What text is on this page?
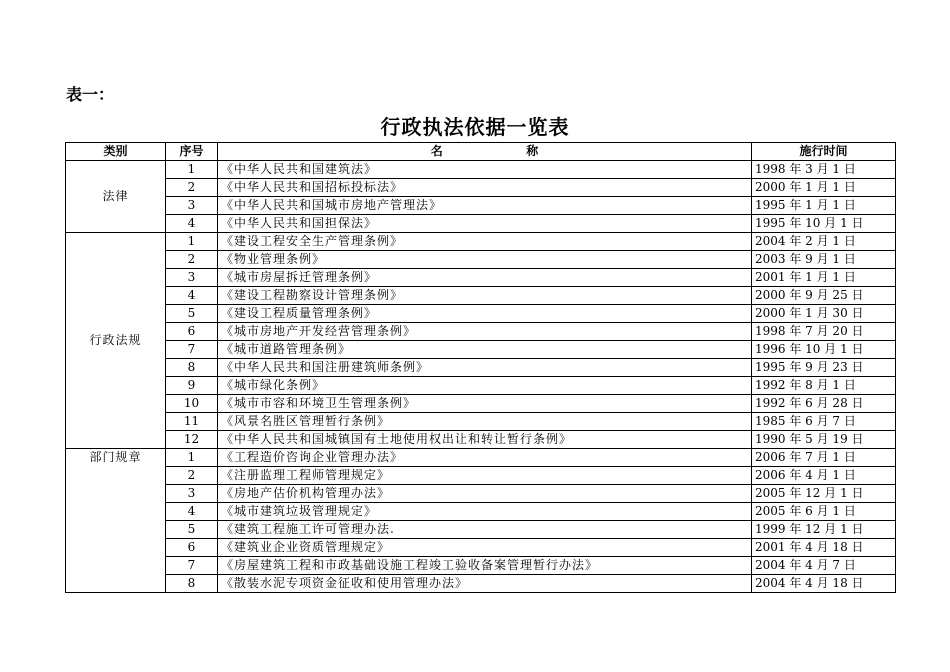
表一：
行政执法依据一览表
类别	序号	名                    称	施行时间
法律	1	《中华人民共和国建筑法》	1998 年 3 月 1 日
	2	《中华人民共和国招标投标法》	2000 年 1 月 1 日
	3	《中华人民共和国城市房地产管理法》	1995 年 1 月 1 日
	4	《中华人民共和国担保法》	1995 年 10 月 1 日
行政法规	1	《建设工程安全生产管理条例》	2004 年 2 月 1 日
	2	《物业管理条例》	2003 年 9 月 1 日
	3	《城市房屋拆迁管理条例》	2001 年 1 月 1 日
	4	《建设工程勘察设计管理条例》	2000 年 9 月 25 日
	5	《建设工程质量管理条例》	2000 年 1 月 30 日
	6	《城市房地产开发经营管理条例》	1998 年 7 月 20 日
	7	《城市道路管理条例》	1996 年 10 月 1 日
	8	《中华人民共和国注册建筑师条例》	1995 年 9 月 23 日
	9	《城市绿化条例》	1992 年 8 月 1 日
	10	《城市市容和环境卫生管理条例》	1992 年 6 月 28 日
	11	《风景名胜区管理暂行条例》	1985 年 6 月 7 日
	12	《中华人民共和国城镇国有土地使用权出让和转让暂行条例》	1990 年 5 月 19 日
部门规章	1	《工程造价咨询企业管理办法》	2006 年 7 月 1 日
	2	《注册监理工程师管理规定》	2006 年 4 月 1 日
	3	《房地产估价机构管理办法》	2005 年 12 月 1 日
	4	《城市建筑垃圾管理规定》	2005 年 6 月 1 日
	5	《建筑工程施工许可管理办法.	1999 年 12 月 1 日
	6	《建筑业企业资质管理规定》	2001 年 4 月 18 日
	7	《房屋建筑工程和市政基础设施工程竣工验收备案管理暂行办法》	2004 年 4 月 7 日
	8	《散装水泥专项资金征收和使用管理办法》	2004 年 4 月 18 日
